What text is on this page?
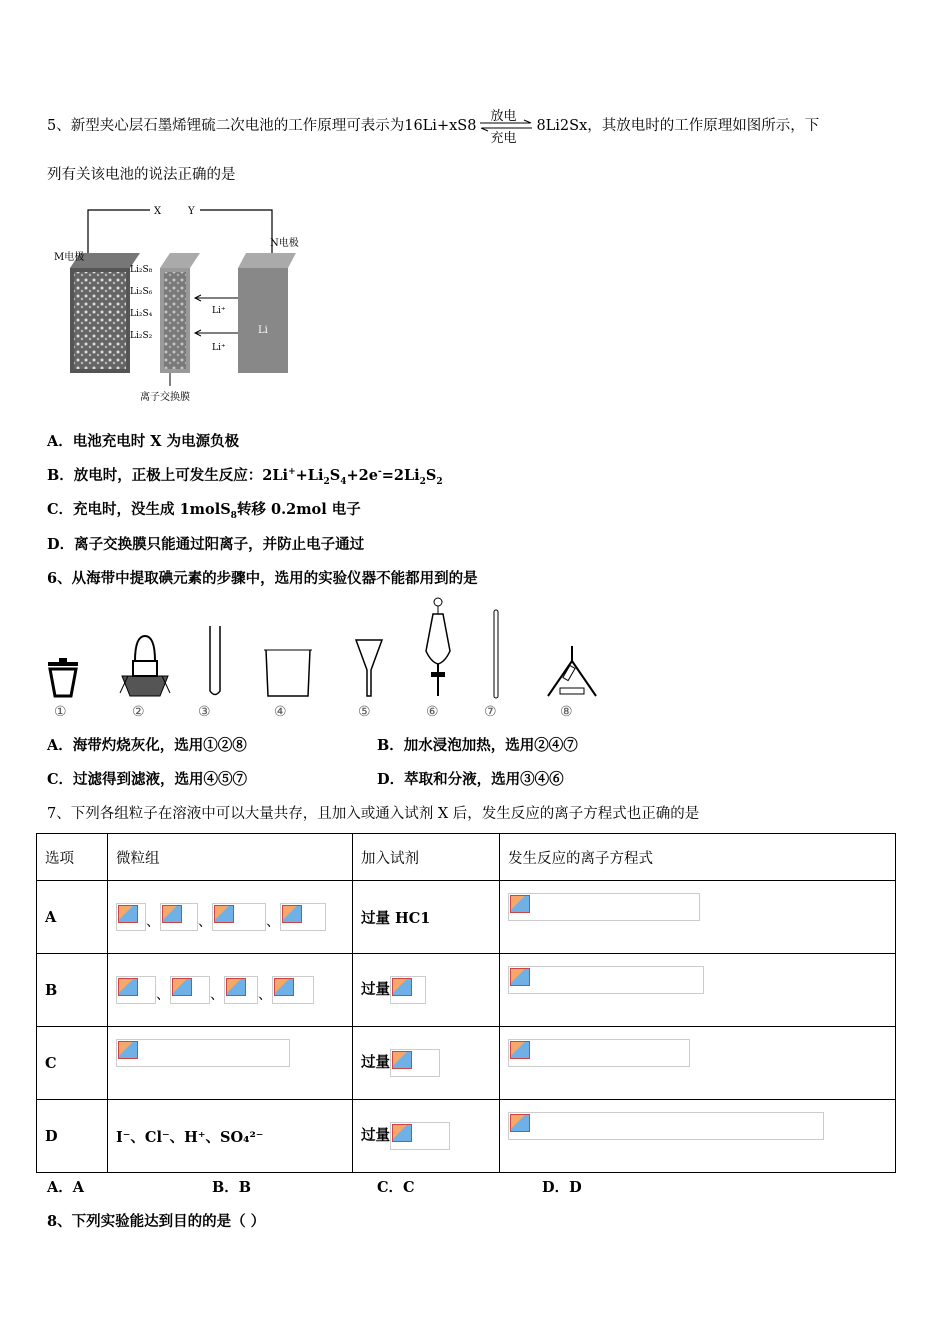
5、新型夹心层石墨烯锂硫二次电池的工作原理可表示为16Li+xS8
放电
充电
8Li2Sx，其放电时的工作原理如图所示，下
列有关该电池的说法正确的是
X	Y
M电极
Li₂S₈
Li₂S₆
Li₂S₄
Li₂S₂
离子交换膜
Li⁺
Li⁺
Li
N电极
A．电池充电时 X 为电源负极
B．放电时，正极上可发生反应：$2Li^++Li_2S_4+2e^-=2Li_2S_2$
C．充电时，没生成 1molS$_8$转移 0.2mol 电子
D．离子交换膜只能通过阳离子，并防止电子通过
6、从海带中提取碘元素的步骤中，选用的实验仪器不能都用到的是
①	②	③	④	⑤	⑥	⑦	⑧
A．海带灼烧灰化，选用①②⑧	B．加水浸泡加热，选用②④⑦
C．过滤得到滤液，选用④⑤⑦	D．萃取和分液，选用③④⑥
7、下列各组粒子在溶液中可以大量共存，且加入或通入试剂 X 后，发生反应的离子方程式也正确的是
选项	微粒组	加入试剂	发生反应的离子方程式
A	、 、 、	过量 HC1	
B	、 、 、	过量	
C		过量	
D	I⁻、Cl⁻、H⁺、SO₄²⁻	过量	
A．A	B．B	C．C	D．D
8、下列实验能达到目的的是（ ）
